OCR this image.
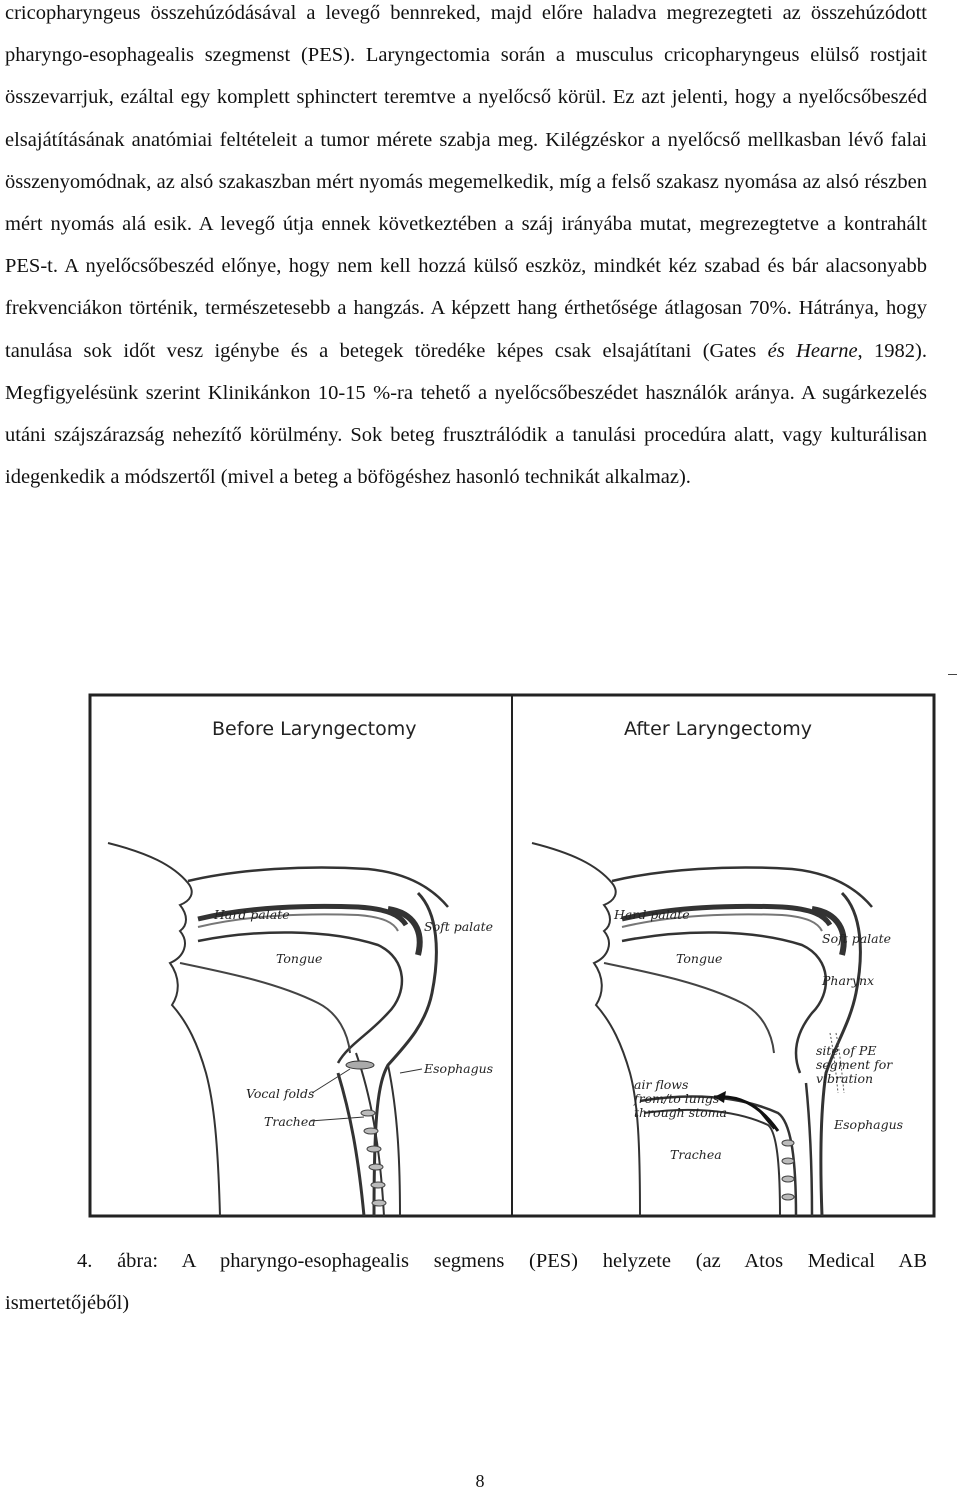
cricopharyngeus összehúzódásával a levegő bennreked, majd előre haladva megrezegteti az összehúzódott pharyngo-esophagealis szegmenst (PES). Laryngectomia során a musculus cricopharyngeus elülső rostjait összevarrjuk, ezáltal egy komplett sphinctert teremtve a nyelőcső körül. Ez azt jelenti, hogy a nyelőcsőbeszéd elsajátításának anatómiai feltételeit a tumor mérete szabja meg. Kilégzéskor a nyelőcső mellkasban lévő falai összenyomódnak, az alsó szakaszban mért nyomás megemelkedik, míg a felső szakasz nyomása az alsó részben mért nyomás alá esik. A levegő útja ennek következtében a száj irányába mutat, megrezegtetve a kontrahált PES-t. A nyelőcsőbeszéd előnye, hogy nem kell hozzá külső eszköz, mindkét kéz szabad és bár alacsonyabb frekvenciákon történik, természetesebb a hangzás. A képzett hang érthetősége átlagosan 70%. Hátránya, hogy tanulása sok időt vesz igénybe és a betegek töredéke képes csak elsajátítani (Gates és Hearne, 1982). Megfigyelésünk szerint Klinikánkon 10-15 %-ra tehető a nyelőcsőbeszédet használók aránya. A sugárkezelés utáni szájszárazság nehezítő körülmény. Sok beteg frusztrálódik a tanulási procedúra alatt, vagy kulturálisan idegenkedik a módszertől (mivel a beteg a böfögéshez hasonló technikát alkalmaz).

Before Laryngectomy
Hard palate
Soft palate
Tongue
Esophagus
Vocal folds
Trachea
After Laryngectomy
Hard palate
Soft palate
Tongue
Pharynx
site of PE
segment for
vibration
air flows
from/to lungs
through stoma
Esophagus
Trachea

4. ábra: A pharyngo-esophagealis segmens (PES) helyzete (az Atos Medical AB
ismertetőjéből)

8
